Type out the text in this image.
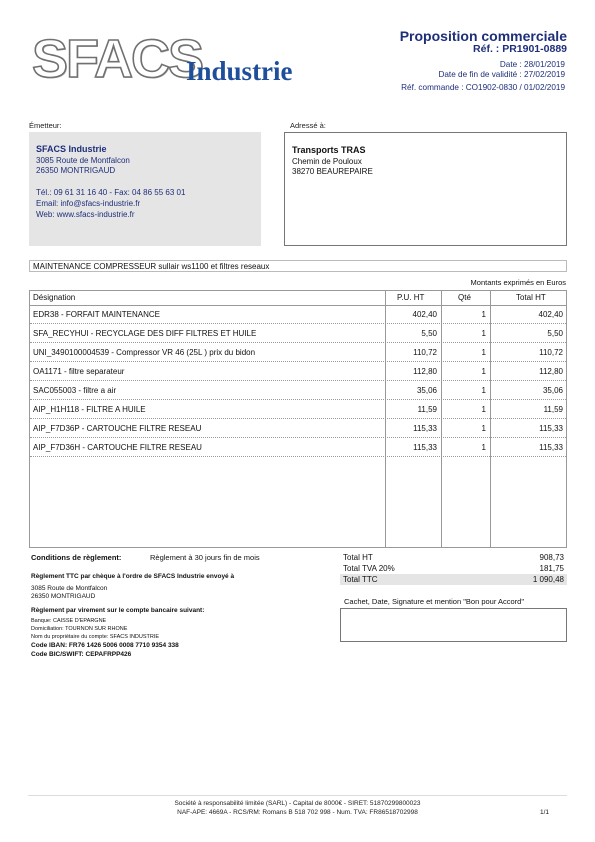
SFACS
Industrie
Proposition commerciale
Réf. : PR1901-0889
Date : 28/01/2019
Date de fin de validité : 27/02/2019
Réf. commande : CO1902-0830 / 01/02/2019
Émetteur:
SFACS Industrie
3085 Route de Montfalcon
26350 MONTRIGAUD
Tél.: 09 61 31 16 40 - Fax: 04 86 55 63 01
Email: info@sfacs-industrie.fr
Web: www.sfacs-industrie.fr
Adressé à:
Transports TRAS
Chemin de Pouloux
38270 BEAUREPAIRE
MAINTENANCE COMPRESSEUR sullair ws1100 et filtres reseaux
Montants exprimés en Euros
Désignation	P.U. HT	Qté	Total HT
EDR38 - FORFAIT MAINTENANCE	402,40	1	402,40
SFA_RECYHUI - RECYCLAGE DES DIFF FILTRES ET HUILE	5,50	1	5,50
UNI_3490100004539 - Compressor VR 46 (25L ) prix du bidon	110,72	1	110,72
OA1171 - filtre separateur	112,80	1	112,80
SAC055003 - filtre a air	35,06	1	35,06
AIP_H1H118 - FILTRE A HUILE	11,59	1	11,59
AIP_F7D36P - CARTOUCHE FILTRE RESEAU	115,33	1	115,33
AIP_F7D36H - CARTOUCHE FILTRE RESEAU	115,33	1	115,33
Conditions de règlement:	Règlement à 30 jours fin de mois
Règlement TTC par chèque à l'ordre de SFACS Industrie envoyé à
3085 Route de Montfalcon
26350 MONTRIGAUD
Règlement par virement sur le compte bancaire suivant:
Banque: CAISSE D'EPARGNE
Domiciliation: TOURNON SUR RHONE
Nom du propriétaire du compte: SFACS INDUSTRIE
Code IBAN: FR76 1426 5006 0008 7710 9354 338
Code BIC/SWIFT: CEPAFRPP426
Total HT	908,73
Total TVA 20%	181,75
Total TTC	1 090,48
Cachet, Date, Signature et mention "Bon pour Accord"
Société à responsabilité limitée (SARL) - Capital de 8000€ - SIRET: 51870299800023
NAF-APE: 4669A - RCS/RM: Romans B 518 702 998 - Num. TVA: FR86518702998	1/1
